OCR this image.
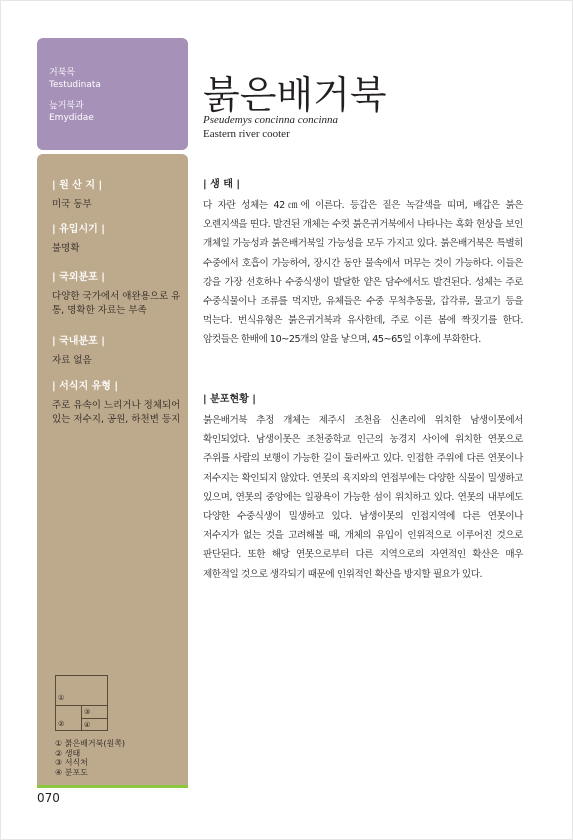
거북목
Testudinata
늪거북과
Emydidae
| 원 산 지 |
미국 동부
| 유입시기 |
불명확
| 국외분포 |
다양한 국가에서 애완용으로 유통, 명확한 자료는 부족
| 국내분포 |
자료 없음
| 서식지 유형 |
주로 유속이 느리거나 정체되어 있는 저수지, 공원, 하천변 등지
①
③
④
②
① 붉은배거북(원쪽)
② 생태
③ 서식처
④ 분포도
070
붉은배거북
Pseudemys concinna concinna
Eastern river cooter
| 생 태 |
다 자란 성체는 42㎝에 이른다. 등갑은 짙은 녹갈색을 띠며, 배갑은 붉은 오렌지색을 띤다. 발견된 개체는 수컷 붉은귀거북에서 나타나는 흑화 현상을 보인 개체일 가능성과 붉은배거북일 가능성을 모두 가지고 있다. 붉은배거북은 특별히 수중에서 호흡이 가능하여, 장시간 동안 물속에서 머무는 것이 가능하다. 이들은 강을 가장 선호하나 수중식생이 발달한 얕은 담수에서도 발견된다. 성체는 주로 수중식물이나 조류를 먹지만, 유체들은 수중 무척추동물, 갑각류, 물고기 등을 먹는다. 번식유형은 붉은귀거북과 유사한데, 주로 이른 봄에 짝짓기를 한다. 암컷들은 한배에 10~25개의 알을 낳으며, 45~65일 이후에 부화한다.
| 분포현황 |
붉은배거북 추정 개체는 제주시 조천읍 신촌리에 위치한 남생이못에서 확인되었다. 남생이못은 조천중학교 인근의 농경지 사이에 위치한 연못으로 주위를 사람의 보행이 가능한 길이 둘러싸고 있다. 인접한 주위에 다른 연못이나 저수지는 확인되지 않았다. 연못의 육지와의 연접부에는 다양한 식물이 밀생하고 있으며, 연못의 중앙에는 일광욕이 가능한 섬이 위치하고 있다. 연못의 내부에도 다양한 수중식생이 밀생하고 있다. 남생이못의 인접지역에 다른 연못이나 저수지가 없는 것을 고려해볼 때, 개체의 유입이 인위적으로 이루어진 것으로 판단된다. 또한 해당 연못으로부터 다른 지역으로의 자연적인 확산은 매우 제한적일 것으로 생각되기 때문에 인위적인 확산을 방지할 필요가 있다.
